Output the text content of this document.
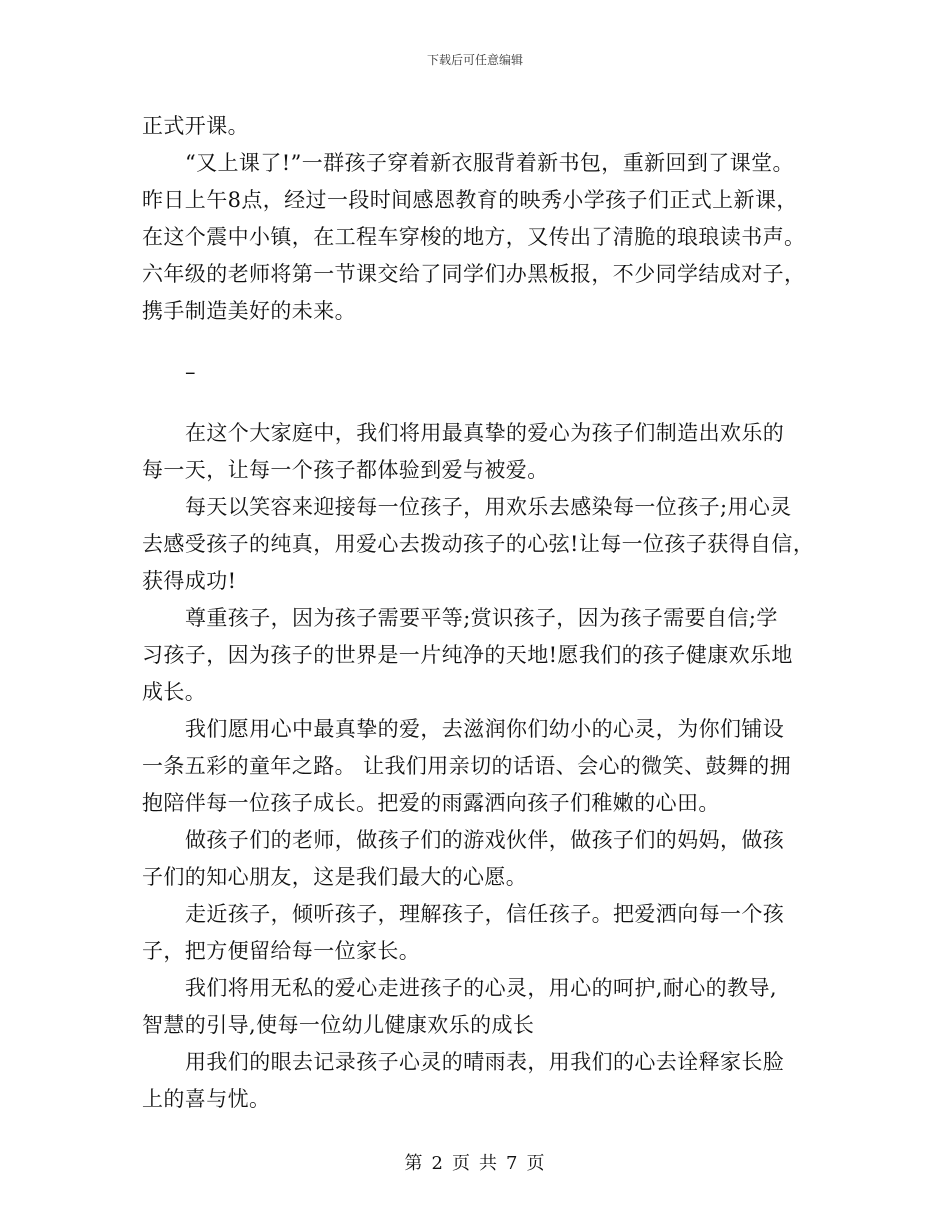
下载后可任意编辑
正式开课。
“又上课了!”一群孩子穿着新衣服背着新书包，重新回到了课堂。
昨日上午8点，经过一段时间感恩教育的映秀小学孩子们正式上新课，
在这个震中小镇，在工程车穿梭的地方，又传出了清脆的琅琅读书声。
六年级的老师将第一节课交给了同学们办黑板报，不少同学结成对子，
携手制造美好的未来。
–
在这个大家庭中，我们将用最真挚的爱心为孩子们制造出欢乐的
每一天，让每一个孩子都体验到爱与被爱。
每天以笑容来迎接每一位孩子，用欢乐去感染每一位孩子;用心灵
去感受孩子的纯真，用爱心去拨动孩子的心弦!让每一位孩子获得自信，
获得成功!
尊重孩子，因为孩子需要平等;赏识孩子，因为孩子需要自信;学
习孩子，因为孩子的世界是一片纯净的天地!愿我们的孩子健康欢乐地
成长。
我们愿用心中最真挚的爱，去滋润你们幼小的心灵，为你们铺设
一条五彩的童年之路。 让我们用亲切的话语、会心的微笑、鼓舞的拥
抱陪伴每一位孩子成长。把爱的雨露洒向孩子们稚嫩的心田。
做孩子们的老师，做孩子们的游戏伙伴，做孩子们的妈妈，做孩
子们的知心朋友，这是我们最大的心愿。
走近孩子，倾听孩子，理解孩子，信任孩子。把爱洒向每一个孩
子，把方便留给每一位家长。
我们将用无私的爱心走进孩子的心灵，用心的呵护,耐心的教导,
智慧的引导,使每一位幼儿健康欢乐的成长
用我们的眼去记录孩子心灵的晴雨表，用我们的心去诠释家长脸
上的喜与忧。
第 2 页 共 7 页
